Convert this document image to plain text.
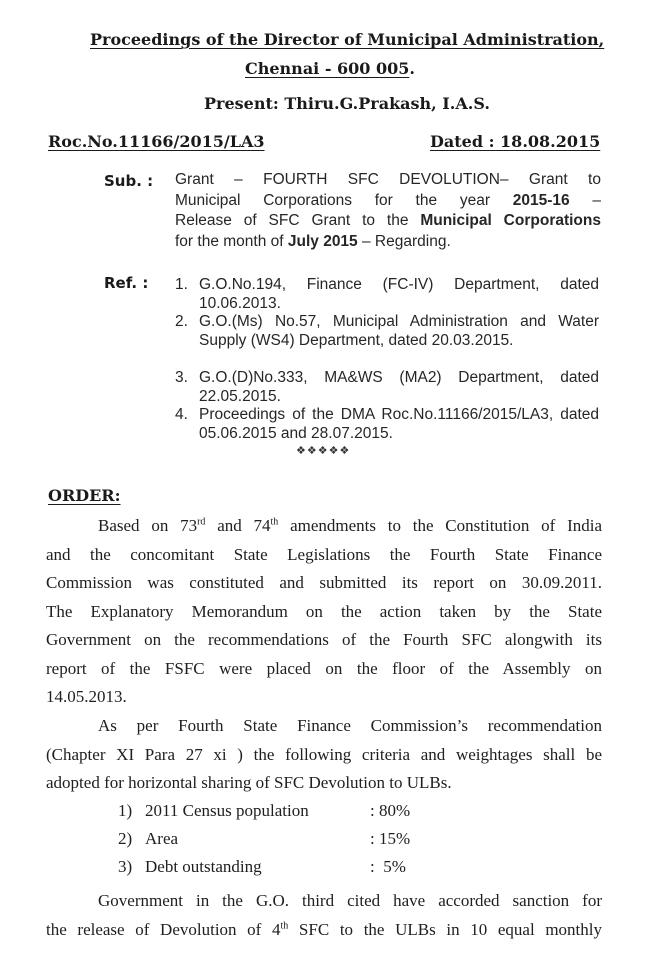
Proceedings of the Director of Municipal Administration,
Chennai - 600 005.
Present: Thiru.G.Prakash, I.A.S.
Roc.No.11166/2015/LA3	Dated : 18.08.2015
Sub. : Grant – FOURTH SFC DEVOLUTION– Grant to
Municipal Corporations for the year 2015-16 –
Release of SFC Grant to the Municipal Corporations
for the month of July 2015 – Regarding.
Ref. : 1. G.O.No.194, Finance (FC-IV) Department, dated 10.06.2013.
2. G.O.(Ms) No.57, Municipal Administration and Water Supply (WS4) Department, dated 20.03.2015.
3. G.O.(D)No.333, MA&WS (MA2) Department, dated 22.05.2015.
4. Proceedings of the DMA Roc.No.11166/2015/LA3, dated 05.06.2015 and 28.07.2015.
❖❖❖❖❖
ORDER:
Based on 73rd and 74th amendments to the Constitution of India
and the concomitant State Legislations the Fourth State Finance
Commission was constituted and submitted its report on 30.09.2011.
The Explanatory Memorandum on the action taken by the State
Government on the recommendations of the Fourth SFC alongwith its
report of the FSFC were placed on the floor of the Assembly on
14.05.2013.
As per Fourth State Finance Commission’s recommendation
(Chapter XI Para 27 xi ) the following criteria and weightages shall be
adopted for horizontal sharing of SFC Devolution to ULBs.
1) 2011 Census population	: 80%
2) Area	: 15%
3) Debt outstanding	:  5%
Government in the G.O. third cited have accorded sanction for
the release of Devolution of 4th SFC to the ULBs in 10 equal monthly
